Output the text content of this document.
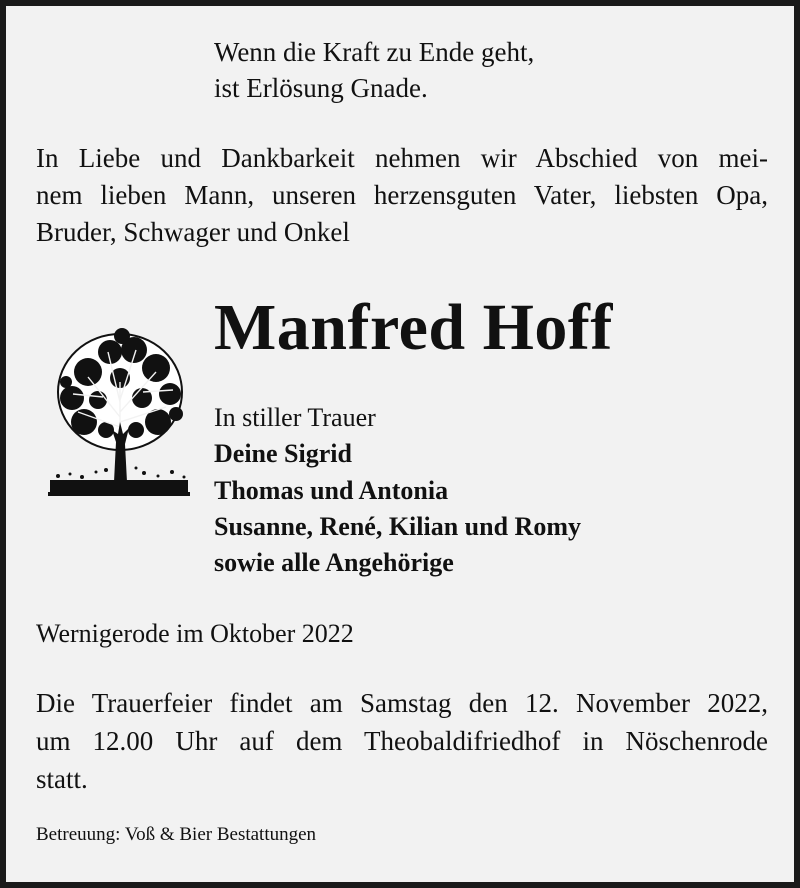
Wenn die Kraft zu Ende geht,
ist Erlösung Gnade.
In Liebe und Dankbarkeit nehmen wir Abschied von mei-
nem lieben Mann, unseren herzensguten Vater, liebsten Opa,
Bruder, Schwager und Onkel
Manfred Hoff
In stiller Trauer
Deine Sigrid
Thomas und Antonia
Susanne, René, Kilian und Romy
sowie alle Angehörige
Wernigerode im Oktober 2022
Die Trauerfeier findet am Samstag den 12. November 2022,
um 12.00 Uhr auf dem Theobaldifriedhof in Nöschenrode
statt.
Betreuung: Voß & Bier Bestattungen
